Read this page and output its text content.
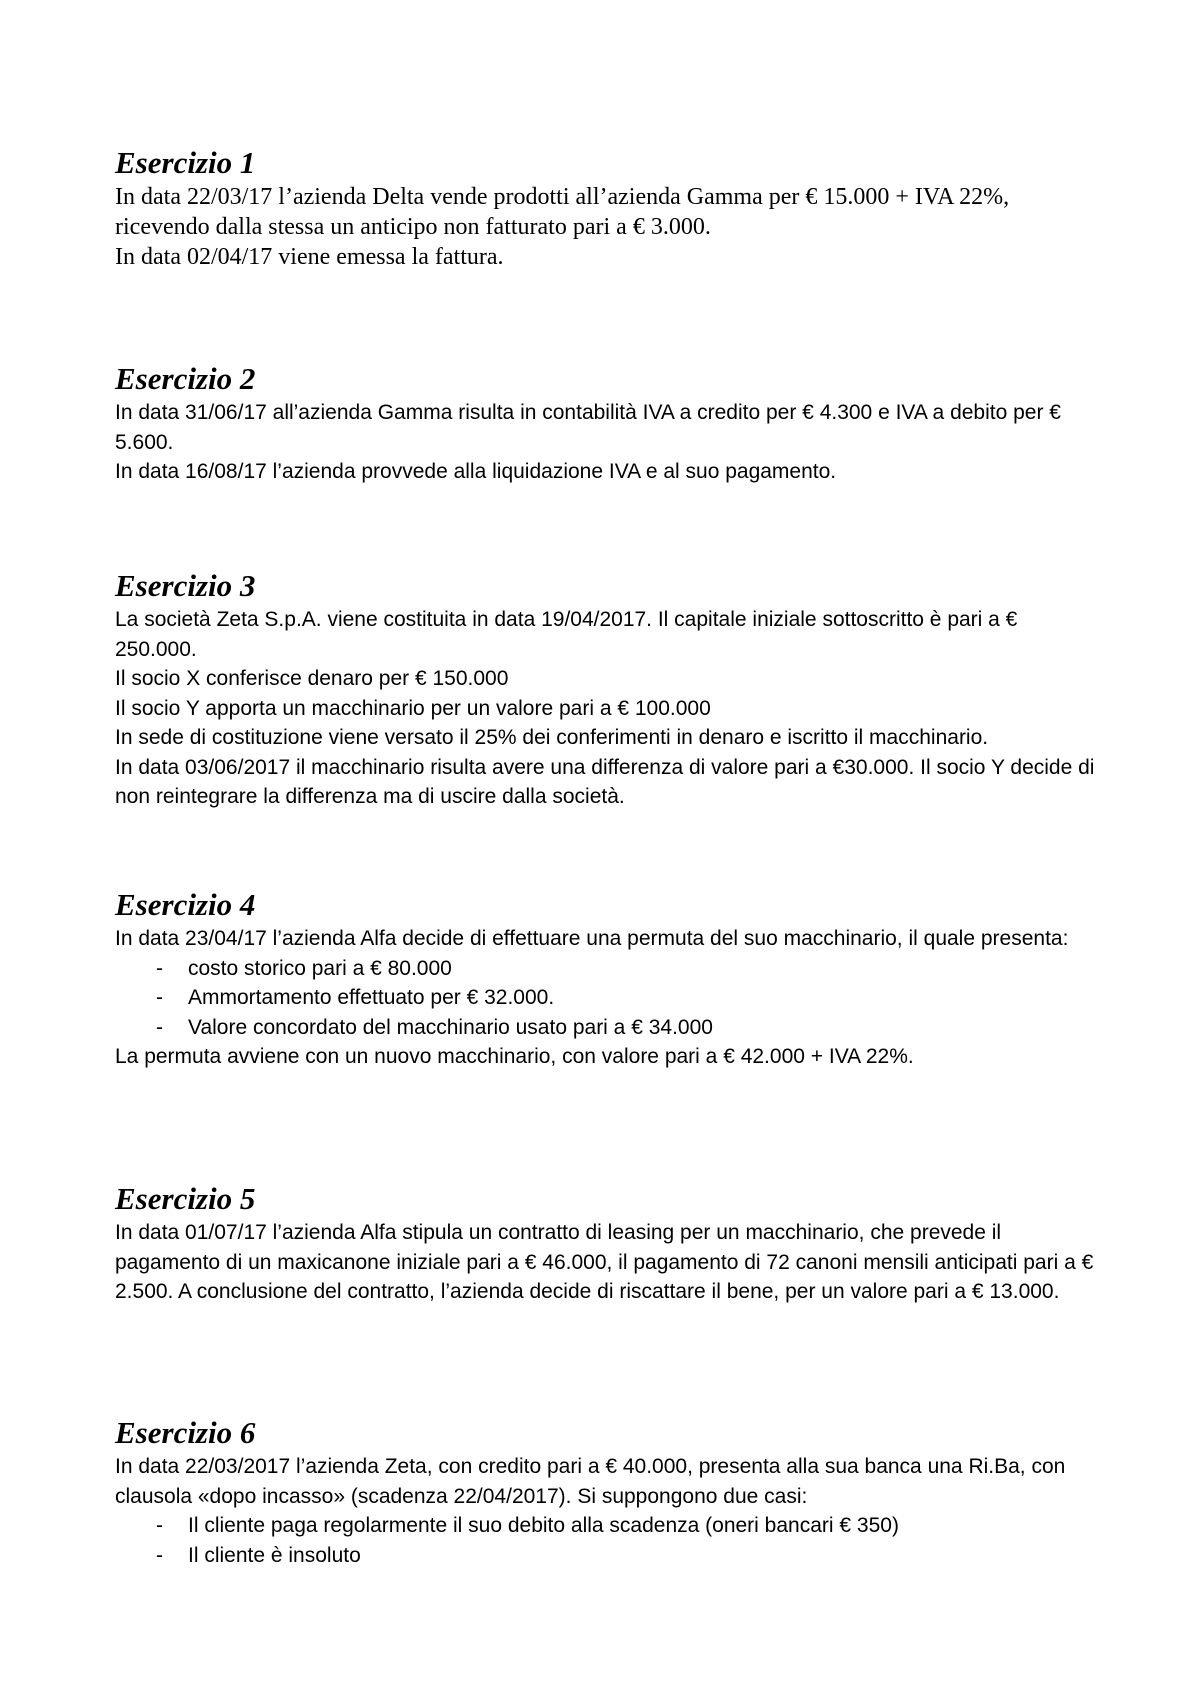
Esercizio 1

In data 22/03/17 l’azienda Delta vende prodotti all’azienda Gamma per € 15.000 + IVA 22%, ricevendo dalla stessa un anticipo non fatturato pari a € 3.000.

In data 02/04/17 viene emessa la fattura.

Esercizio 2

In data 31/06/17 all’azienda Gamma risulta in contabilità IVA a credito per € 4.300 e IVA a debito per € 5.600.

In data 16/08/17 l’azienda provvede alla liquidazione IVA e al suo pagamento.

Esercizio 3

La società Zeta S.p.A. viene costituita in data 19/04/2017. Il capitale iniziale sottoscritto è pari a € 250.000.

Il socio X conferisce denaro per € 150.000

Il socio Y apporta un macchinario per un valore pari a € 100.000

In sede di costituzione viene versato il 25% dei conferimenti in denaro e iscritto il macchinario.

In data 03/06/2017 il macchinario risulta avere una differenza di valore pari a €30.000. Il socio Y decide di non reintegrare la differenza ma di uscire dalla società.

Esercizio 4

In data 23/04/17 l’azienda Alfa decide di effettuare una permuta del suo macchinario, il quale presenta:

- costo storico pari a € 80.000
- Ammortamento effettuato per € 32.000.
- Valore concordato del macchinario usato pari a € 34.000

La permuta avviene con un nuovo macchinario, con valore pari a € 42.000 + IVA 22%.

Esercizio 5

In data 01/07/17 l’azienda Alfa stipula un contratto di leasing per un macchinario, che prevede il pagamento di un maxicanone iniziale pari a € 46.000, il pagamento di 72 canoni mensili anticipati pari a € 2.500. A conclusione del contratto, l’azienda decide di riscattare il bene, per un valore pari a € 13.000.

Esercizio 6

In data 22/03/2017 l’azienda Zeta, con credito pari a € 40.000, presenta alla sua banca una Ri.Ba, con clausola «dopo incasso» (scadenza 22/04/2017). Si suppongono due casi:

- Il cliente paga regolarmente il suo debito alla scadenza (oneri bancari € 350)
- Il cliente è insoluto
